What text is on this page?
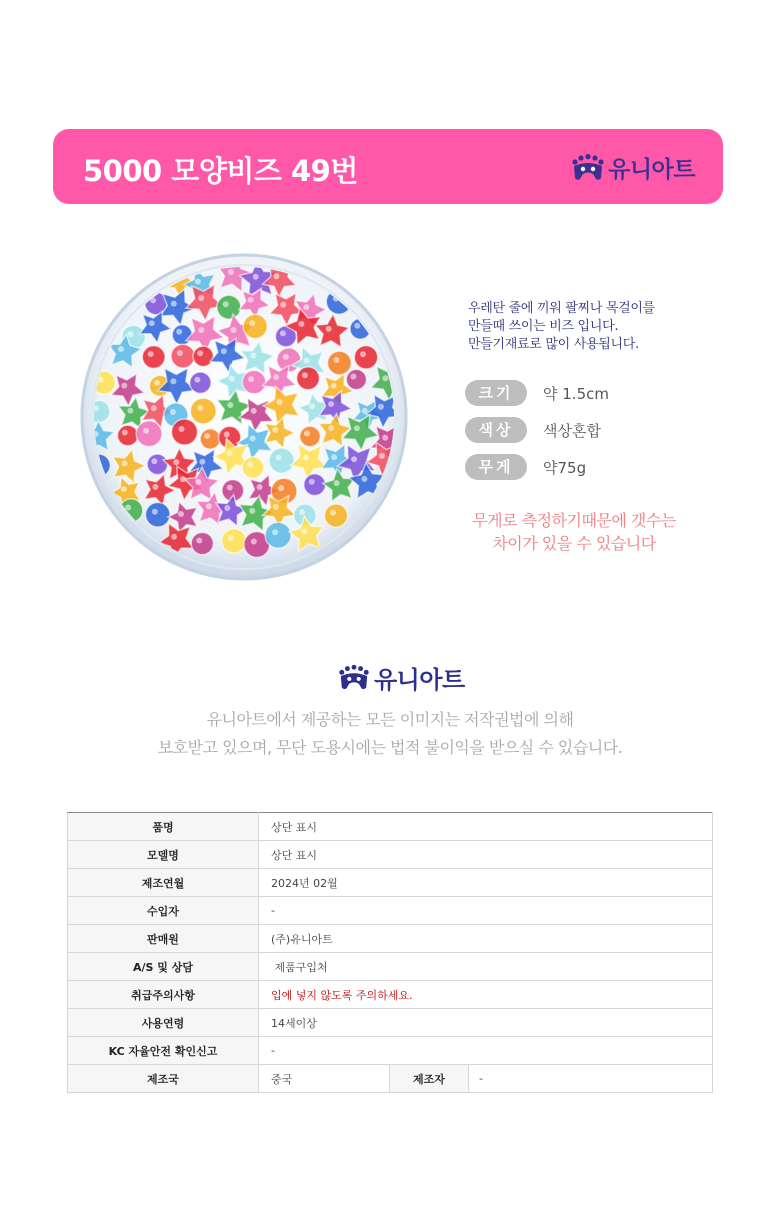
5000 모양비즈 49번	유니아트
우레탄 줄에 끼워 팔찌나 목걸이를
만들때 쓰이는 비즈 입니다.
만들기재료로 많이 사용됩니다.
크기	약 1.5cm
색상	색상혼합
무게	약75g
무게로 측정하기때문에 갯수는
차이가 있을 수 있습니다
유니아트
유니아트에서 제공하는 모든 이미지는 저작권법에 의해
보호받고 있으며, 무단 도용시에는 법적 불이익을 받으실 수 있습니다.
품명	상단 표시		
모델명	상단 표시		
제조연월	2024년 02월		
수입자	-		
판매원	(주)유니아트		
A/S 및 상담	제품구입처		
취급주의사항	입에 넣지 않도록 주의하세요.		
사용연령	14세이상		
KC 자율안전 확인신고	-		
제조국	중국	제조자	-
